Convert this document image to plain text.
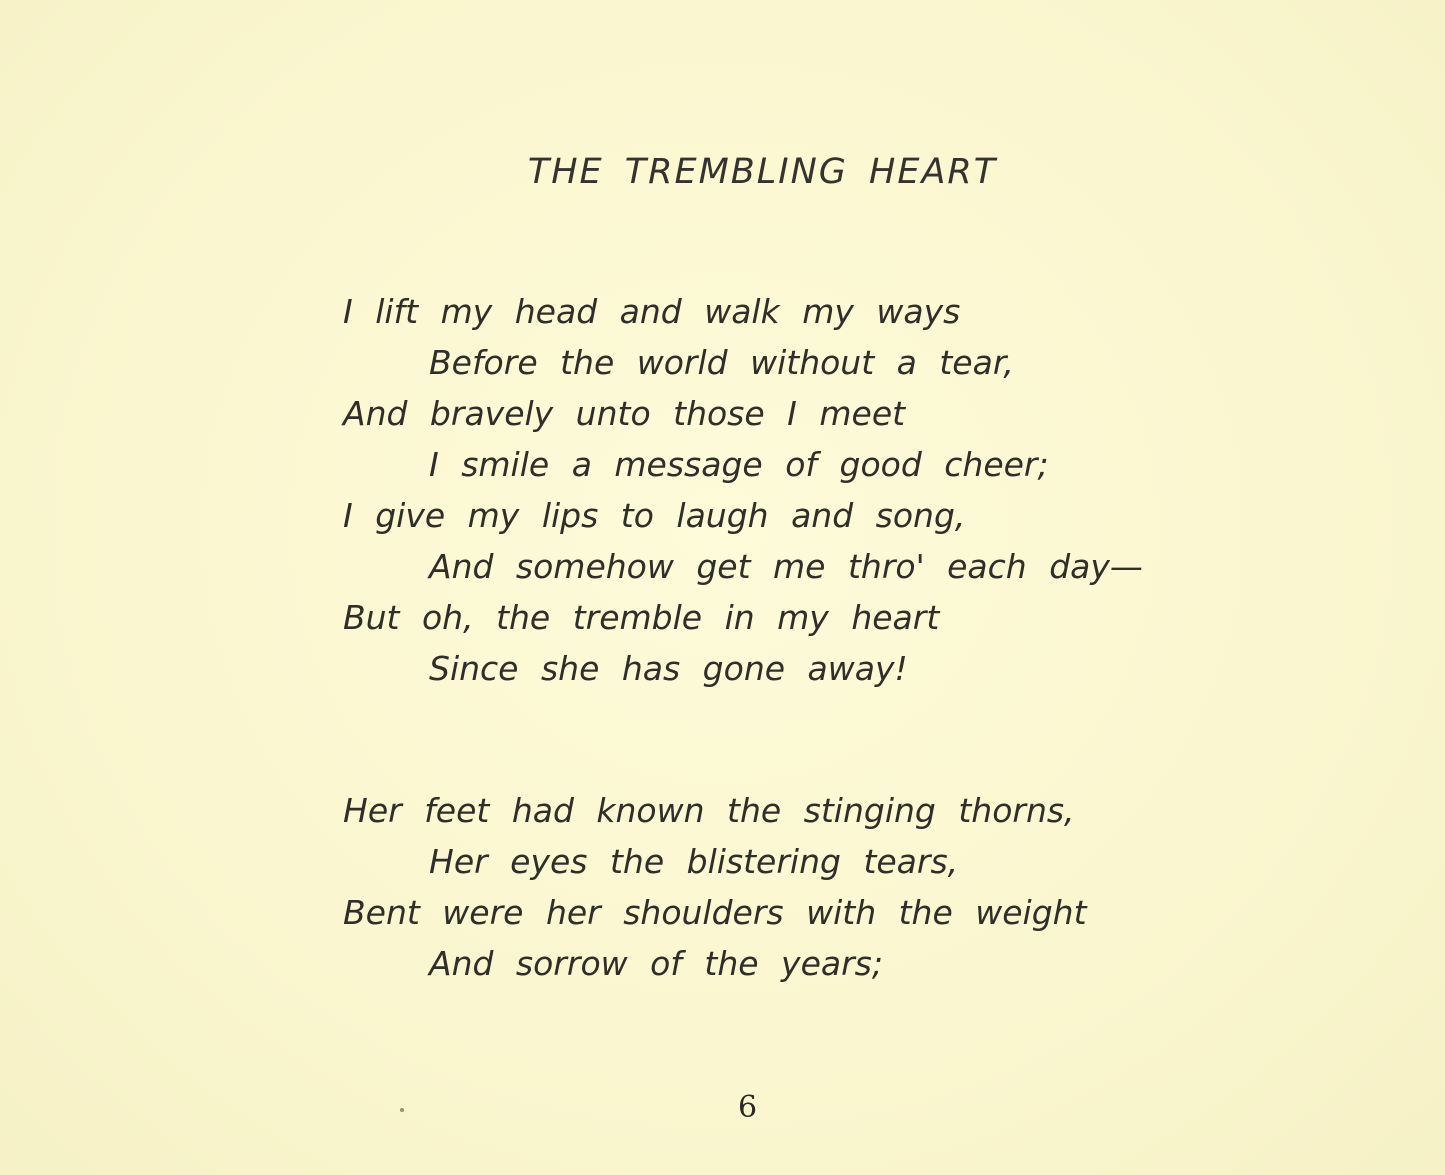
THE TREMBLING HEART
I lift my head and walk my ways
Before the world without a tear,
And bravely unto those I meet
I smile a message of good cheer;
I give my lips to laugh and song,
And somehow get me thro' each day—
But oh, the tremble in my heart
Since she has gone away!
Her feet had known the stinging thorns,
Her eyes the blistering tears,
Bent were her shoulders with the weight
And sorrow of the years;
6
